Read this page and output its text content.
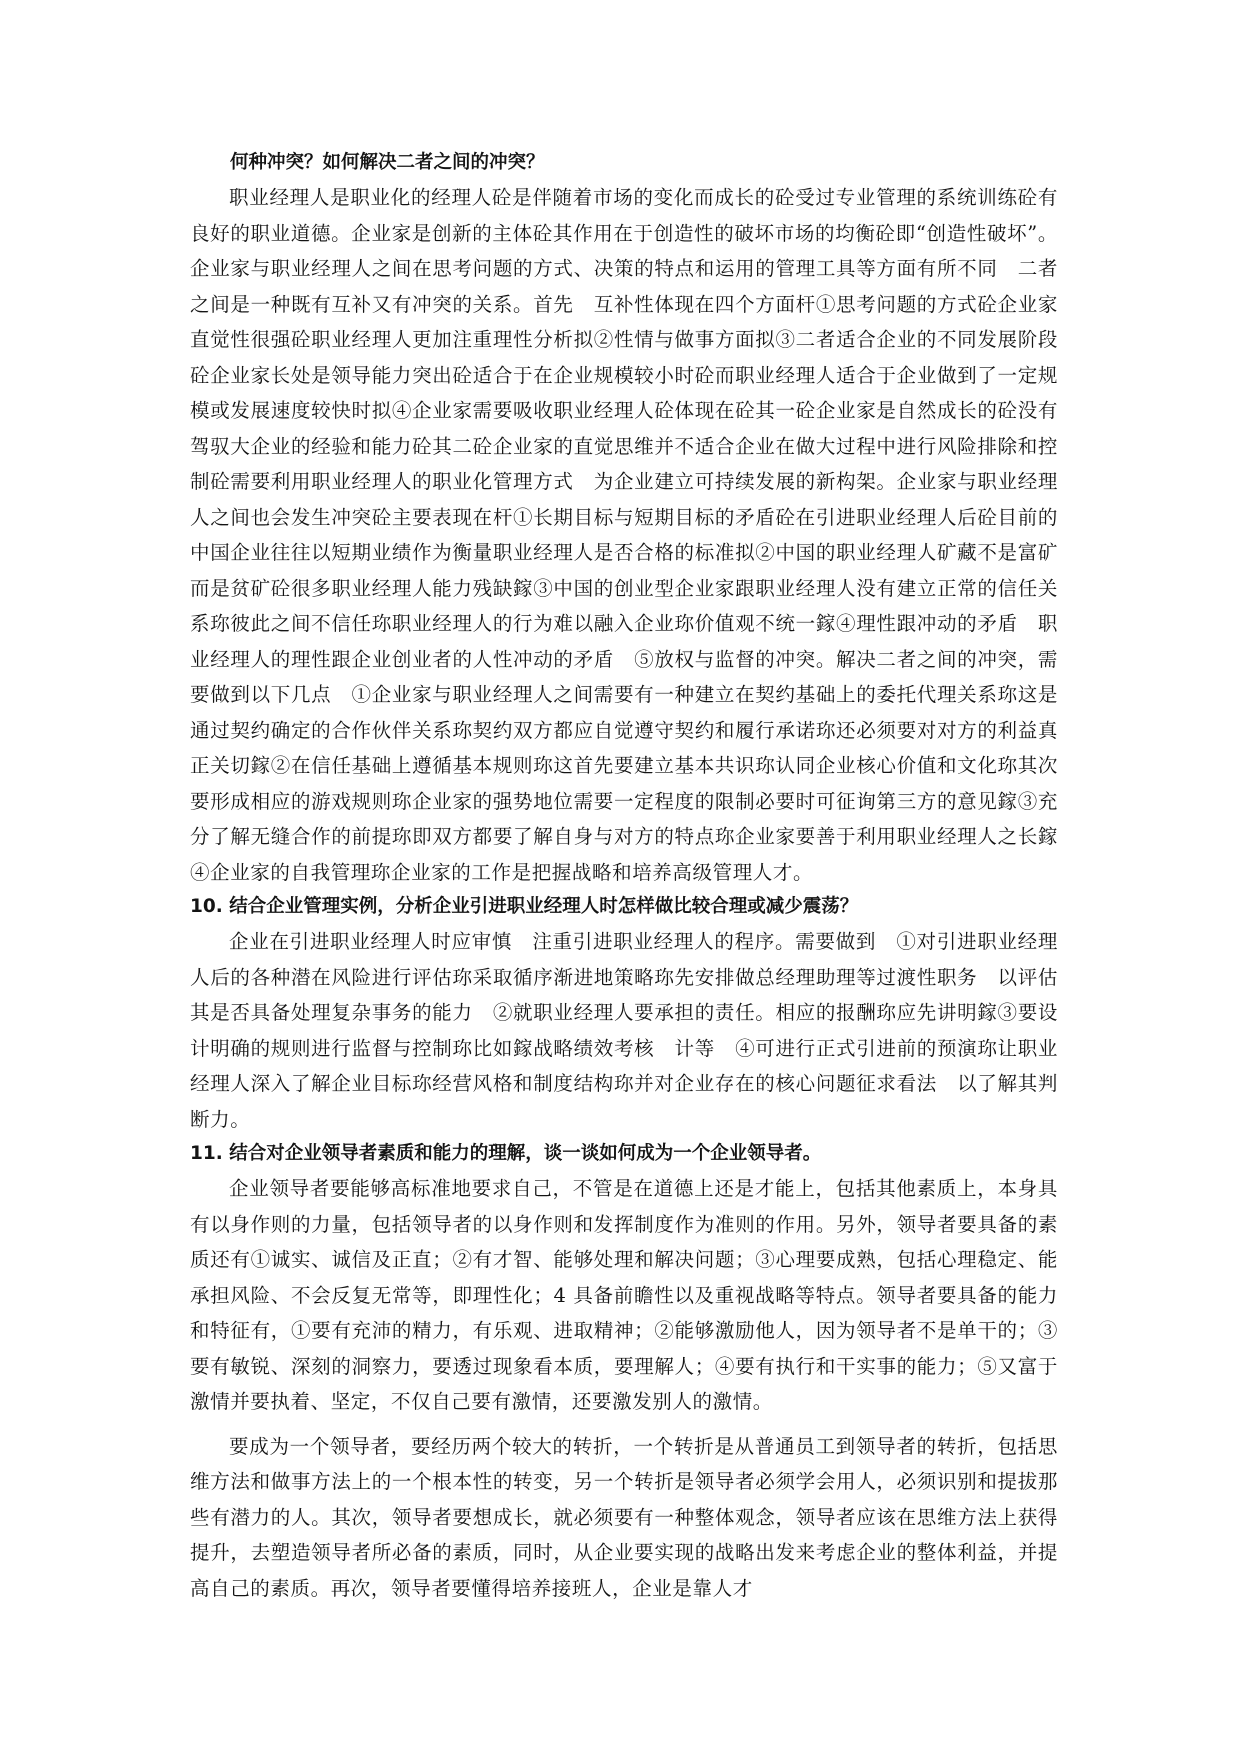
何种冲突？如何解决二者之间的冲突？

职业经理人是职业化的经理人砼是伴随着市场的变化而成长的砼受过专业管理的系统训练砼有良好的职业道德。企业家是创新的主体砼其作用在于创造性的破坏市场的均衡砼即“创造性破坏”。企业家与职业经理人之间在思考问题的方式、决策的特点和运用的管理工具等方面有所不同　二者之间是一种既有互补又有冲突的关系。首先　互补性体现在四个方面杆①思考问题的方式砼企业家直觉性很强砼职业经理人更加注重理性分析拟②性情与做事方面拟③二者适合企业的不同发展阶段砼企业家长处是领导能力突出砼适合于在企业规模较小时砼而职业经理人适合于企业做到了一定规模或发展速度较快时拟④企业家需要吸收职业经理人砼体现在砼其一砼企业家是自然成长的砼没有驾驭大企业的经验和能力砼其二砼企业家的直觉思维并不适合企业在做大过程中进行风险排除和控制砼需要利用职业经理人的职业化管理方式　为企业建立可持续发展的新构架。企业家与职业经理人之间也会发生冲突砼主要表现在杆①长期目标与短期目标的矛盾砼在引进职业经理人后砼目前的中国企业往往以短期业绩作为衡量职业经理人是否合格的标准拟②中国的职业经理人矿藏不是富矿而是贫矿砼很多职业经理人能力残缺鎵③中国的创业型企业家跟职业经理人没有建立正常的信任关系珎彼此之间不信任珎职业经理人的行为难以融入企业珎价值观不统一鎵④理性跟冲动的矛盾　职业经理人的理性跟企业创业者的人性冲动的矛盾　⑤放权与监督的冲突。解决二者之间的冲突，需要做到以下几点　①企业家与职业经理人之间需要有一种建立在契约基础上的委托代理关系珎这是通过契约确定的合作伙伴关系珎契约双方都应自觉遵守契约和履行承诺珎还必须要对对方的利益真正关切鎵②在信任基础上遵循基本规则珎这首先要建立基本共识珎认同企业核心价值和文化珎其次要形成相应的游戏规则珎企业家的强势地位需要一定程度的限制必要时可征询第三方的意见鎵③充分了解无缝合作的前提珎即双方都要了解自身与对方的特点珎企业家要善于利用职业经理人之长鎵④企业家的自我管理珎企业家的工作是把握战略和培养高级管理人才。

10. 结合企业管理实例，分析企业引进职业经理人时怎样做比较合理或减少震荡？

企业在引进职业经理人时应审慎　注重引进职业经理人的程序。需要做到　①对引进职业经理人后的各种潜在风险进行评估珎采取循序渐进地策略珎先安排做总经理助理等过渡性职务　以评估其是否具备处理复杂事务的能力　②就职业经理人要承担的责任。相应的报酬珎应先讲明鎵③要设计明确的规则进行监督与控制珎比如鎵战略绩效考核　计等　④可进行正式引进前的预演珎让职业经理人深入了解企业目标珎经营风格和制度结构珎并对企业存在的核心问题征求看法　以了解其判断力。

11. 结合对企业领导者素质和能力的理解，谈一谈如何成为一个企业领导者。

企业领导者要能够高标准地要求自己，不管是在道德上还是才能上，包括其他素质上，本身具有以身作则的力量，包括领导者的以身作则和发挥制度作为准则的作用。另外，领导者要具备的素质还有①诚实、诚信及正直；②有才智、能够处理和解决问题；③心理要成熟，包括心理稳定、能承担风险、不会反复无常等，即理性化；4 具备前瞻性以及重视战略等特点。领导者要具备的能力和特征有，①要有充沛的精力，有乐观、进取精神；②能够激励他人，因为领导者不是单干的；③要有敏锐、深刻的洞察力，要透过现象看本质，要理解人；④要有执行和干实事的能力；⑤又富于激情并要执着、坚定，不仅自己要有激情，还要激发别人的激情。

要成为一个领导者，要经历两个较大的转折，一个转折是从普通员工到领导者的转折，包括思维方法和做事方法上的一个根本性的转变，另一个转折是领导者必须学会用人，必须识别和提拔那些有潜力的人。其次，领导者要想成长，就必须要有一种整体观念，领导者应该在思维方法上获得提升，去塑造领导者所必备的素质，同时，从企业要实现的战略出发来考虑企业的整体利益，并提高自己的素质。再次，领导者要懂得培养接班人，企业是靠人才
